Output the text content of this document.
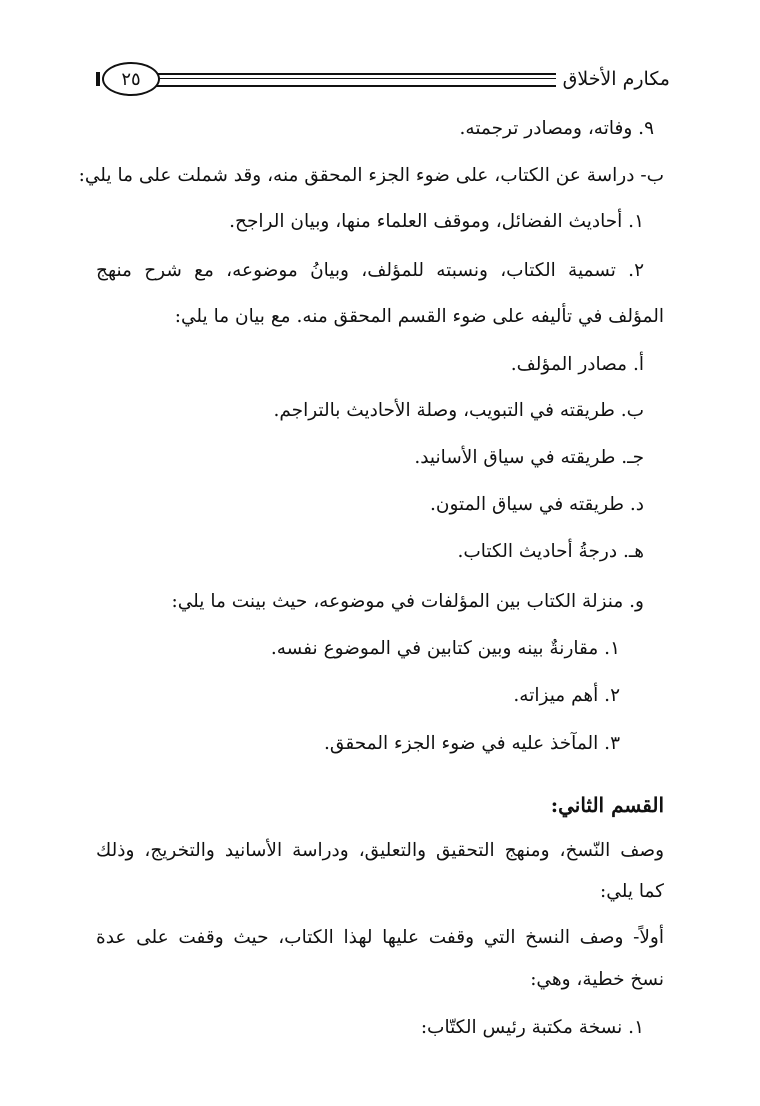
مكارم الأخلاق
٢٥
٩. وفاته، ومصادر ترجمته.
ب- دراسة عن الكتاب، على ضوء الجزء المحقق منه، وقد شملت على ما يلي:
١. أحاديث الفضائل، وموقف العلماء منها، وبيان الراجح.
٢. تسمية الكتاب، ونسبته للمؤلف، وبيانُ موضوعه، مع شرح منهج
المؤلف في تأليفه على ضوء القسم المحقق منه. مع بيان ما يلي:
أ. مصادر المؤلف.
ب. طريقته في التبويب، وصلة الأحاديث بالتراجم.
جـ. طريقته في سياق الأسانيد.
د. طريقته في سياق المتون.
هـ. درجةُ أحاديث الكتاب.
و. منزلة الكتاب بين المؤلفات في موضوعه، حيث بينت ما يلي:
١. مقارنةٌ بينه وبين كتابين في الموضوع نفسه.
٢. أهم ميزاته.
٣. المآخذ عليه في ضوء الجزء المحقق.
القسم الثاني:
وصف النّسخ، ومنهج التحقيق والتعليق، ودراسة الأسانيد والتخريج، وذلك
كما يلي:
أولاً- وصف النسخ التي وقفت عليها لهذا الكتاب، حيث وقفت على عدة
نسخ خطية، وهي:
١. نسخة مكتبة رئيس الكتّاب:
